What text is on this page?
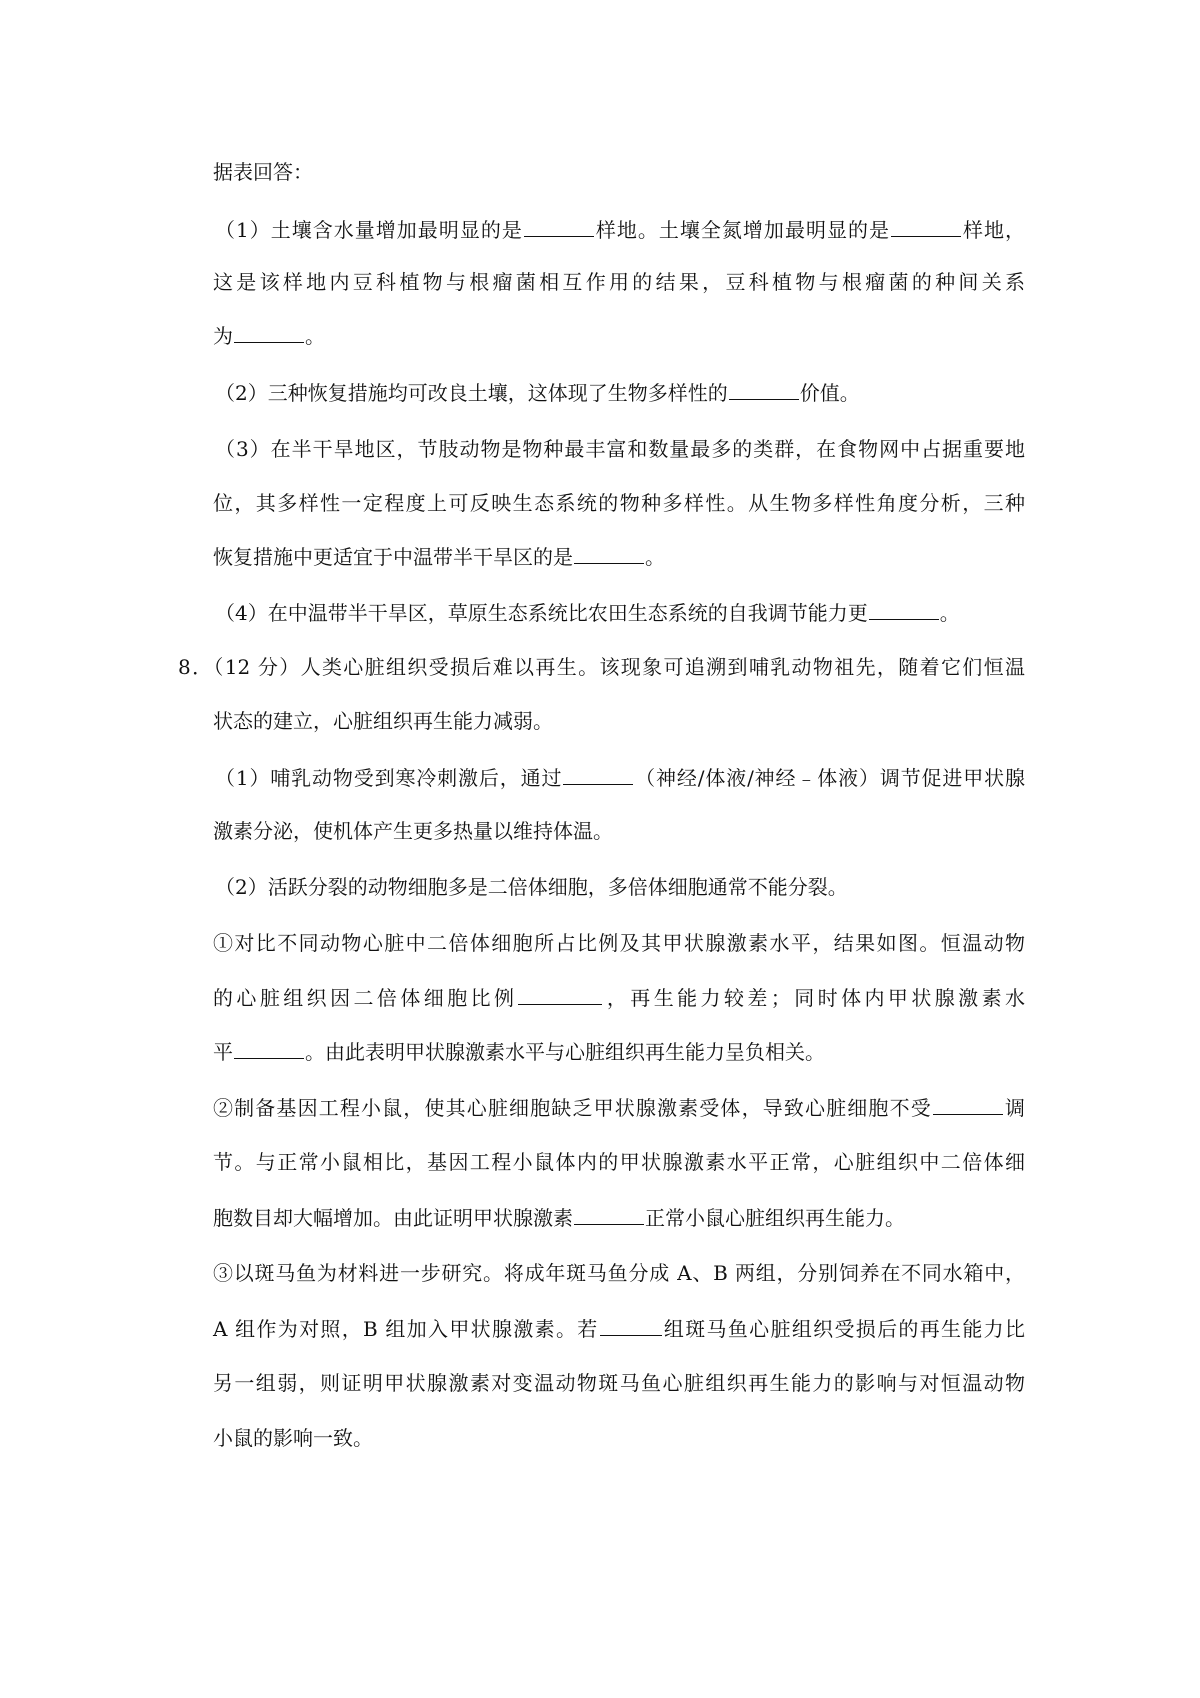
据表回答：
（1）土壤含水量增加最明显的是	样地。土壤全氮增加最明显的是	样地，
这是该样地内豆科植物与根瘤菌相互作用的结果，豆科植物与根瘤菌的种间关系
为	。
（2）三种恢复措施均可改良土壤，这体现了生物多样性的	价值。
（3）在半干旱地区，节肢动物是物种最丰富和数量最多的类群，在食物网中占据重要地
位，其多样性一定程度上可反映生态系统的物种多样性。从生物多样性角度分析，三种
恢复措施中更适宜于中温带半干旱区的是	。
（4）在中温带半干旱区，草原生态系统比农田生态系统的自我调节能力更	。
8．（12 分）人类心脏组织受损后难以再生。该现象可追溯到哺乳动物祖先，随着它们恒温
状态的建立，心脏组织再生能力减弱。
（1）哺乳动物受到寒冷刺激后，通过	（神经/体液/神经﹣体液）调节促进甲状腺
激素分泌，使机体产生更多热量以维持体温。
（2）活跃分裂的动物细胞多是二倍体细胞，多倍体细胞通常不能分裂。
①对比不同动物心脏中二倍体细胞所占比例及其甲状腺激素水平，结果如图。恒温动物
的心脏组织因二倍体细胞比例	，再生能力较差；同时体内甲状腺激素水
平	。由此表明甲状腺激素水平与心脏组织再生能力呈负相关。
②制备基因工程小鼠，使其心脏细胞缺乏甲状腺激素受体，导致心脏细胞不受	调
节。与正常小鼠相比，基因工程小鼠体内的甲状腺激素水平正常，心脏组织中二倍体细
胞数目却大幅增加。由此证明甲状腺激素	正常小鼠心脏组织再生能力。
③以斑马鱼为材料进一步研究。将成年斑马鱼分成 A、B 两组，分别饲养在不同水箱中，
A 组作为对照，B 组加入甲状腺激素。若	组斑马鱼心脏组织受损后的再生能力比
另一组弱，则证明甲状腺激素对变温动物斑马鱼心脏组织再生能力的影响与对恒温动物
小鼠的影响一致。
